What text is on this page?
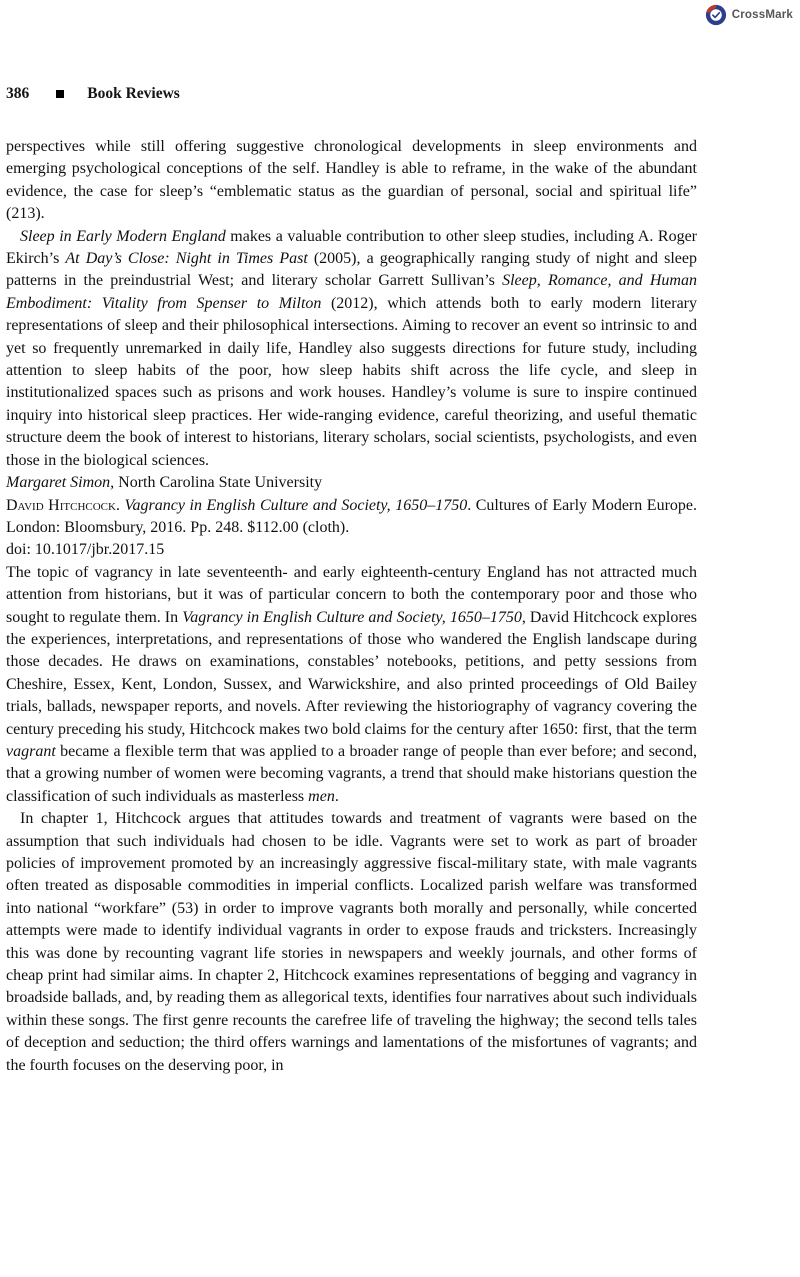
CrossMark
386	Book Reviews

perspectives while still offering suggestive chronological developments in sleep environments and emerging psychological conceptions of the self. Handley is able to reframe, in the wake of the abundant evidence, the case for sleep’s “emblematic status as the guardian of personal, social and spiritual life” (213).

Sleep in Early Modern England makes a valuable contribution to other sleep studies, including A. Roger Ekirch’s At Day’s Close: Night in Times Past (2005), a geographically ranging study of night and sleep patterns in the preindustrial West; and literary scholar Garrett Sullivan’s Sleep, Romance, and Human Embodiment: Vitality from Spenser to Milton (2012), which attends both to early modern literary representations of sleep and their philosophical intersections. Aiming to recover an event so intrinsic to and yet so frequently unremarked in daily life, Handley also suggests directions for future study, including attention to sleep habits of the poor, how sleep habits shift across the life cycle, and sleep in institutionalized spaces such as prisons and work houses. Handley’s volume is sure to inspire continued inquiry into historical sleep practices. Her wide-ranging evidence, careful theorizing, and useful thematic structure deem the book of interest to historians, literary scholars, social scientists, psychologists, and even those in the biological sciences.

Margaret Simon, North Carolina State University

David Hitchcock. Vagrancy in English Culture and Society, 1650–1750. Cultures of Early Modern Europe. London: Bloomsbury, 2016. Pp. 248. $112.00 (cloth).

doi: 10.1017/jbr.2017.15

The topic of vagrancy in late seventeenth- and early eighteenth-century England has not attracted much attention from historians, but it was of particular concern to both the contemporary poor and those who sought to regulate them. In Vagrancy in English Culture and Society, 1650–1750, David Hitchcock explores the experiences, interpretations, and representations of those who wandered the English landscape during those decades. He draws on examinations, constables’ notebooks, petitions, and petty sessions from Cheshire, Essex, Kent, London, Sussex, and Warwickshire, and also printed proceedings of Old Bailey trials, ballads, newspaper reports, and novels. After reviewing the historiography of vagrancy covering the century preceding his study, Hitchcock makes two bold claims for the century after 1650: first, that the term vagrant became a flexible term that was applied to a broader range of people than ever before; and second, that a growing number of women were becoming vagrants, a trend that should make historians question the classification of such individuals as masterless men.

In chapter 1, Hitchcock argues that attitudes towards and treatment of vagrants were based on the assumption that such individuals had chosen to be idle. Vagrants were set to work as part of broader policies of improvement promoted by an increasingly aggressive fiscal-military state, with male vagrants often treated as disposable commodities in imperial conflicts. Localized parish welfare was transformed into national “workfare” (53) in order to improve vagrants both morally and personally, while concerted attempts were made to identify individual vagrants in order to expose frauds and tricksters. Increasingly this was done by recounting vagrant life stories in newspapers and weekly journals, and other forms of cheap print had similar aims. In chapter 2, Hitchcock examines representations of begging and vagrancy in broadside ballads, and, by reading them as allegorical texts, identifies four narratives about such individuals within these songs. The first genre recounts the carefree life of traveling the highway; the second tells tales of deception and seduction; the third offers warnings and lamentations of the misfortunes of vagrants; and the fourth focuses on the deserving poor, in
